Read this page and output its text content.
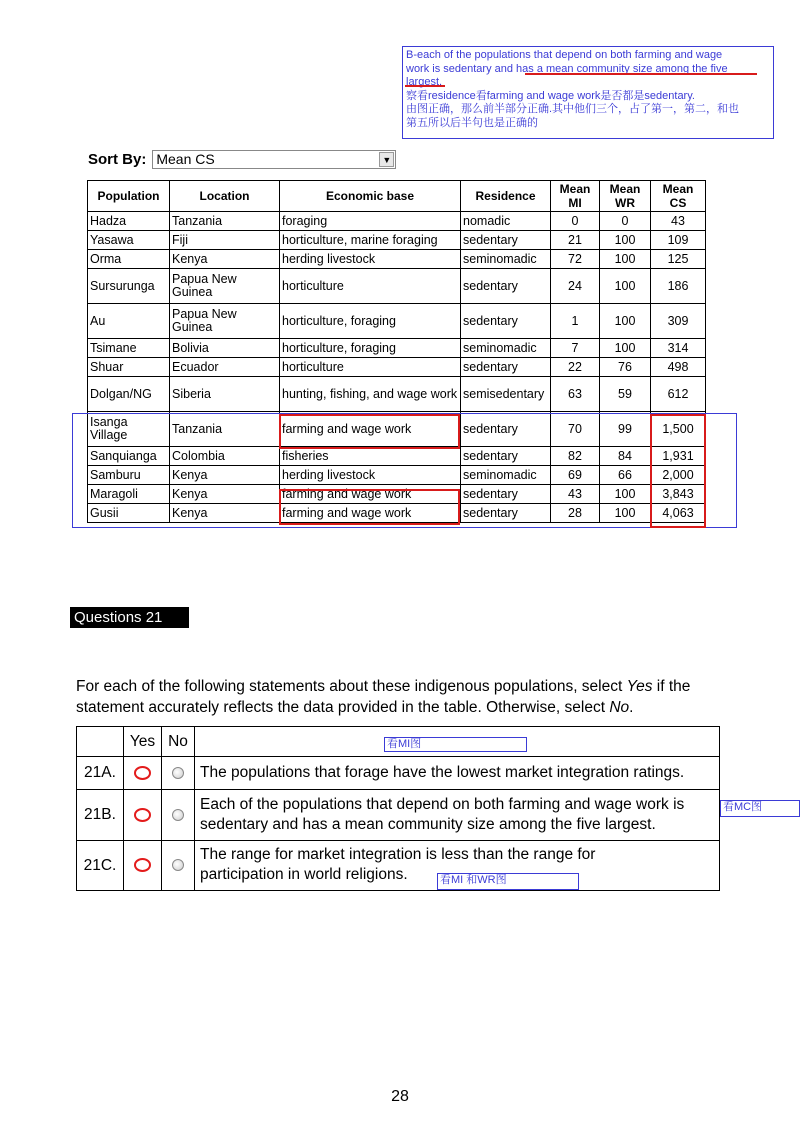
B-each of the populations that depend on both farming and wage

work is sedentary and has a mean community size among the five

largest.

察看residence看farming and wage work是否都是sedentary.

由图正确，那么前半部分正确.其中他们三个，占了第一，第二，和也

第五所以后半句也是正确的

Sort By: Mean CS	▼
Population	Location	Economic base	Residence	Mean MI	Mean WR	Mean CS
Hadza	Tanzania	foraging	nomadic	0	0	43
Yasawa	Fiji	horticulture, marine foraging	sedentary	21	100	109
Orma	Kenya	herding livestock	seminomadic	72	100	125
Sursurunga	Papua New Guinea	horticulture	sedentary	24	100	186
Au	Papua New Guinea	horticulture, foraging	sedentary	1	100	309
Tsimane	Bolivia	horticulture, foraging	seminomadic	7	100	314
Shuar	Ecuador	horticulture	sedentary	22	76	498
Dolgan/NG	Siberia	hunting, fishing, and wage work	semisedentary	63	59	612
Isanga Village	Tanzania	farming and wage work	sedentary	70	99	1,500
Sanquianga	Colombia	fisheries	sedentary	82	84	1,931
Samburu	Kenya	herding livestock	seminomadic	69	66	2,000
Maragoli	Kenya	farming and wage work	sedentary	43	100	3,843
Gusii	Kenya	farming and wage work	sedentary	28	100	4,063
Questions 21
For each of the following statements about these indigenous populations, select Yes if the statement accurately reflects the data provided in the table. Otherwise, select No.
	Yes	No	
21A.			The populations that forage have the lowest market integration ratings.
21B.			Each of the populations that depend on both farming and wage work is sedentary and has a mean community size among the five largest.
21C.			The range for market integration is less than the range for participation in world religions.
看MI图
看MC图
看MI 和WR图
28
